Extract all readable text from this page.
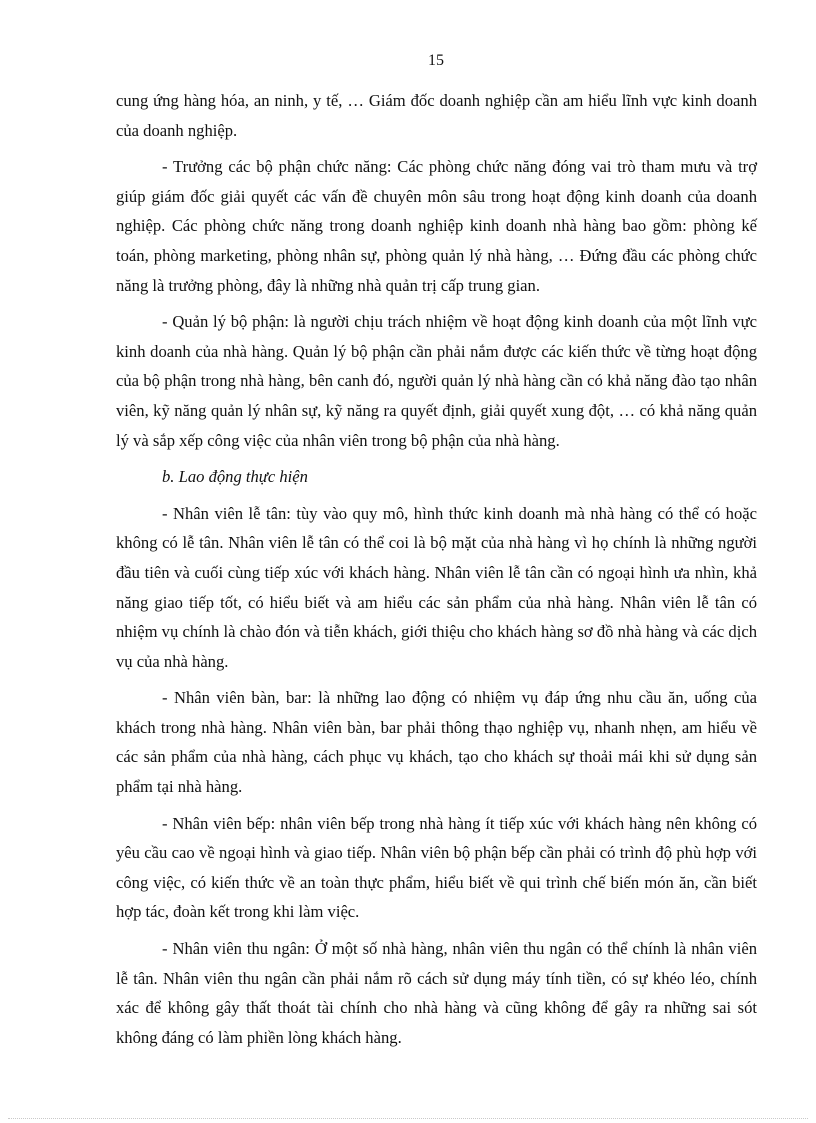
15

cung ứng hàng hóa, an ninh, y tế, … Giám đốc doanh nghiệp cần am hiểu lĩnh vực kinh doanh của doanh nghiệp.

- Trưởng các bộ phận chức năng: Các phòng chức năng đóng vai trò tham mưu và trợ giúp giám đốc giải quyết các vấn đề chuyên môn sâu trong hoạt động kinh doanh của doanh nghiệp. Các phòng chức năng trong doanh nghiệp kinh doanh nhà hàng bao gồm: phòng kế toán, phòng marketing, phòng nhân sự, phòng quản lý nhà hàng, … Đứng đầu các phòng chức năng là trưởng phòng, đây là những nhà quản trị cấp trung gian.

- Quản lý bộ phận: là người chịu trách nhiệm về hoạt động kinh doanh của một lĩnh vực kinh doanh của nhà hàng. Quản lý bộ phận cần phải nắm được các kiến thức về từng hoạt động của bộ phận trong nhà hàng, bên canh đó, người quản lý nhà hàng cần có khả năng đào tạo nhân viên, kỹ năng quản lý nhân sự, kỹ năng ra quyết định, giải quyết xung đột, … có khả năng quản lý và sắp xếp công việc của nhân viên trong bộ phận của nhà hàng.

b. Lao động thực hiện

- Nhân viên lễ tân: tùy vào quy mô, hình thức kinh doanh mà nhà hàng có thể có hoặc không có lễ tân. Nhân viên lễ tân có thể coi là bộ mặt của nhà hàng vì họ chính là những người đầu tiên và cuối cùng tiếp xúc với khách hàng. Nhân viên lễ tân cần có ngoại hình ưa nhìn, khả năng giao tiếp tốt, có hiểu biết và am hiểu các sản phẩm của nhà hàng. Nhân viên lễ tân có nhiệm vụ chính là chào đón và tiễn khách, giới thiệu cho khách hàng sơ đồ nhà hàng và các dịch vụ của nhà hàng.

- Nhân viên bàn, bar: là những lao động có nhiệm vụ đáp ứng nhu cầu ăn, uống của khách trong nhà hàng. Nhân viên bàn, bar phải thông thạo nghiệp vụ, nhanh nhẹn, am hiểu về các sản phẩm của nhà hàng, cách phục vụ khách, tạo cho khách sự thoải mái khi sử dụng sản phẩm tại nhà hàng.

- Nhân viên bếp: nhân viên bếp trong nhà hàng ít tiếp xúc với khách hàng nên không có yêu cầu cao về ngoại hình và giao tiếp. Nhân viên bộ phận bếp cần phải có trình độ phù hợp với công việc, có kiến thức về an toàn thực phẩm, hiểu biết về qui trình chế biến món ăn, cần biết hợp tác, đoàn kết trong khi làm việc.

- Nhân viên thu ngân: Ở một số nhà hàng, nhân viên thu ngân có thể chính là nhân viên lễ tân. Nhân viên thu ngân cần phải nắm rõ cách sử dụng máy tính tiền, có sự khéo léo, chính xác để không gây thất thoát tài chính cho nhà hàng và cũng không để gây ra những sai sót không đáng có làm phiền lòng khách hàng.
